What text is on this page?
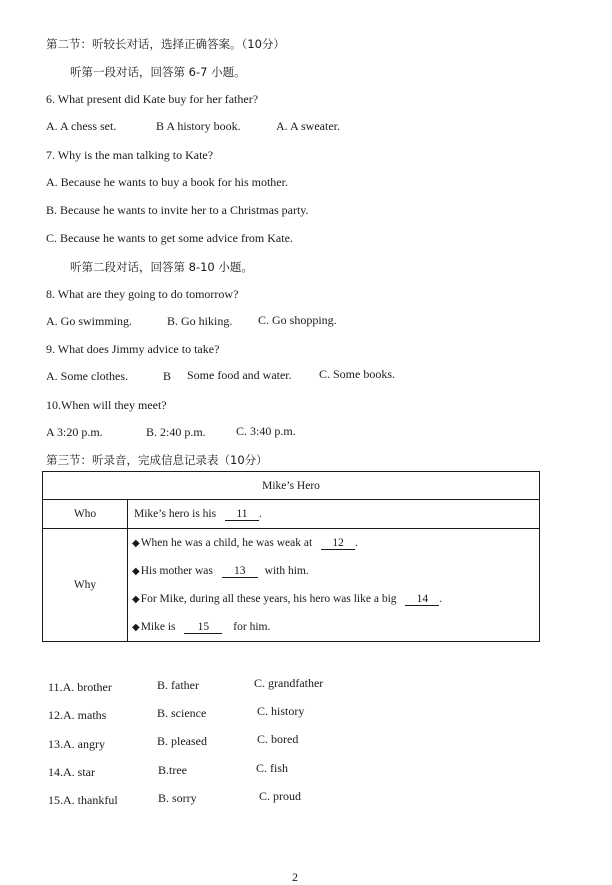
第二节：听较长对话，选择正确答案。（10分）
听第一段对话，回答第 6-7 小题。
6. What present did Kate buy for her father?
A. A chess set.	B A history book.	A. A sweater.
7. Why is the man talking to Kate?
A. Because he wants to buy a book for his mother.
B. Because he wants to invite her to a Christmas party.
C. Because he wants to get some advice from Kate.
听第二段对话，回答第 8-10 小题。
8. What are they going to do tomorrow?
A. Go swimming.	B. Go hiking. C. Go shopping.
9. What does Jimmy advice to take?
A. Some clothes.	B Some food and water. C. Some books.
10.When will they meet?
A 3:20 p.m.	B. 2:40 p.m.	C. 3:40 p.m.
第三节：听录音，完成信息记录表（10分）
Mike’s Hero	
Who	Mike’s hero is his 11 .
Why	◆When he was a child, he was weak at 12 .
◆His mother was 13 with him.
◆For Mike, during all these years, his hero was like a big 14 .
◆Mike is 15 for him.
11.A. brother	B. father	C. grandfather
12.A. maths	B. science	C. history
13.A. angry	B. pleased	C. bored
14.A. star	B.tree	C. fish
15.A. thankful	B. sorry	C. proud
2
